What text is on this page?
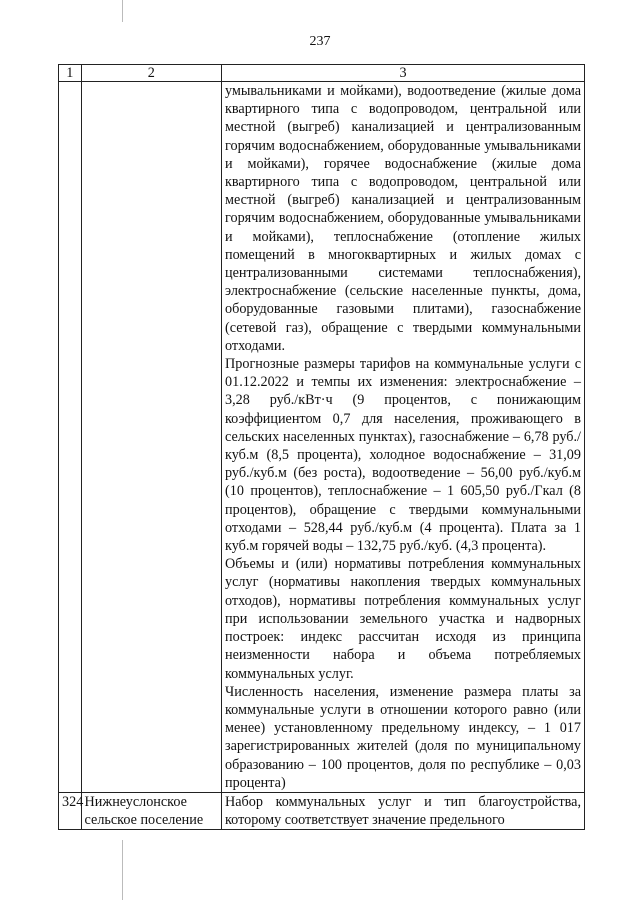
237
1	2	3

		умывальниками и мойками), водоотведение (жилые дома квартирного типа с водопроводом, центральной или местной (выгреб) канализацией и централизованным горячим водоснабжением, оборудованные умывальниками и мойками), горячее водоснабжение (жилые дома квартирного типа с водопроводом, центральной или местной (выгреб) канализацией и централизованным горячим водоснабжением, оборудованные умывальниками и мойками), теплоснабжение (отопление жилых помещений в многоквартирных и жилых домах с централизованными системами теплоснабжения), электроснабжение (сельские населенные пункты, дома, оборудованные газовыми плитами), газоснабжение (сетевой газ), обращение с твердыми коммунальными отходами.

Прогнозные размеры тарифов на коммунальные услуги с 01.12.2022 и темпы их изменения: электроснабжение – 3,28 руб./кВт·ч (9 процентов, с понижающим коэффициентом 0,7 для населения, проживающего в сельских населенных пунктах), газоснабжение – 6,78 руб./куб.м (8,5 процента), холодное водоснабжение – 31,09 руб./куб.м (без роста), водоотведение – 56,00 руб./куб.м (10 процентов), теплоснабжение – 1 605,50 руб./Гкал (8 процентов), обращение с твердыми коммунальными отходами – 528,44 руб./куб.м (4 процента). Плата за 1 куб.м горячей воды – 132,75 руб./куб. (4,3 процента).

Объемы и (или) нормативы потребления коммунальных услуг (нормативы накопления твердых коммунальных отходов), нормативы потребления коммунальных услуг при использовании земельного участка и надворных построек: индекс рассчитан исходя из принципа неизменности набора и объема потребляемых коммунальных услуг.

Численность населения, изменение размера платы за коммунальные услуги в отношении которого равно (или менее) установленному предельному индексу, – 1 017 зарегистрированных жителей (доля по муниципальному образованию – 100 процентов, доля по республике – 0,03 процента)

324	Нижнеуслонское сельское поселение	Набор коммунальных услуг и тип благоустройства, которому соответствует значение предельного
